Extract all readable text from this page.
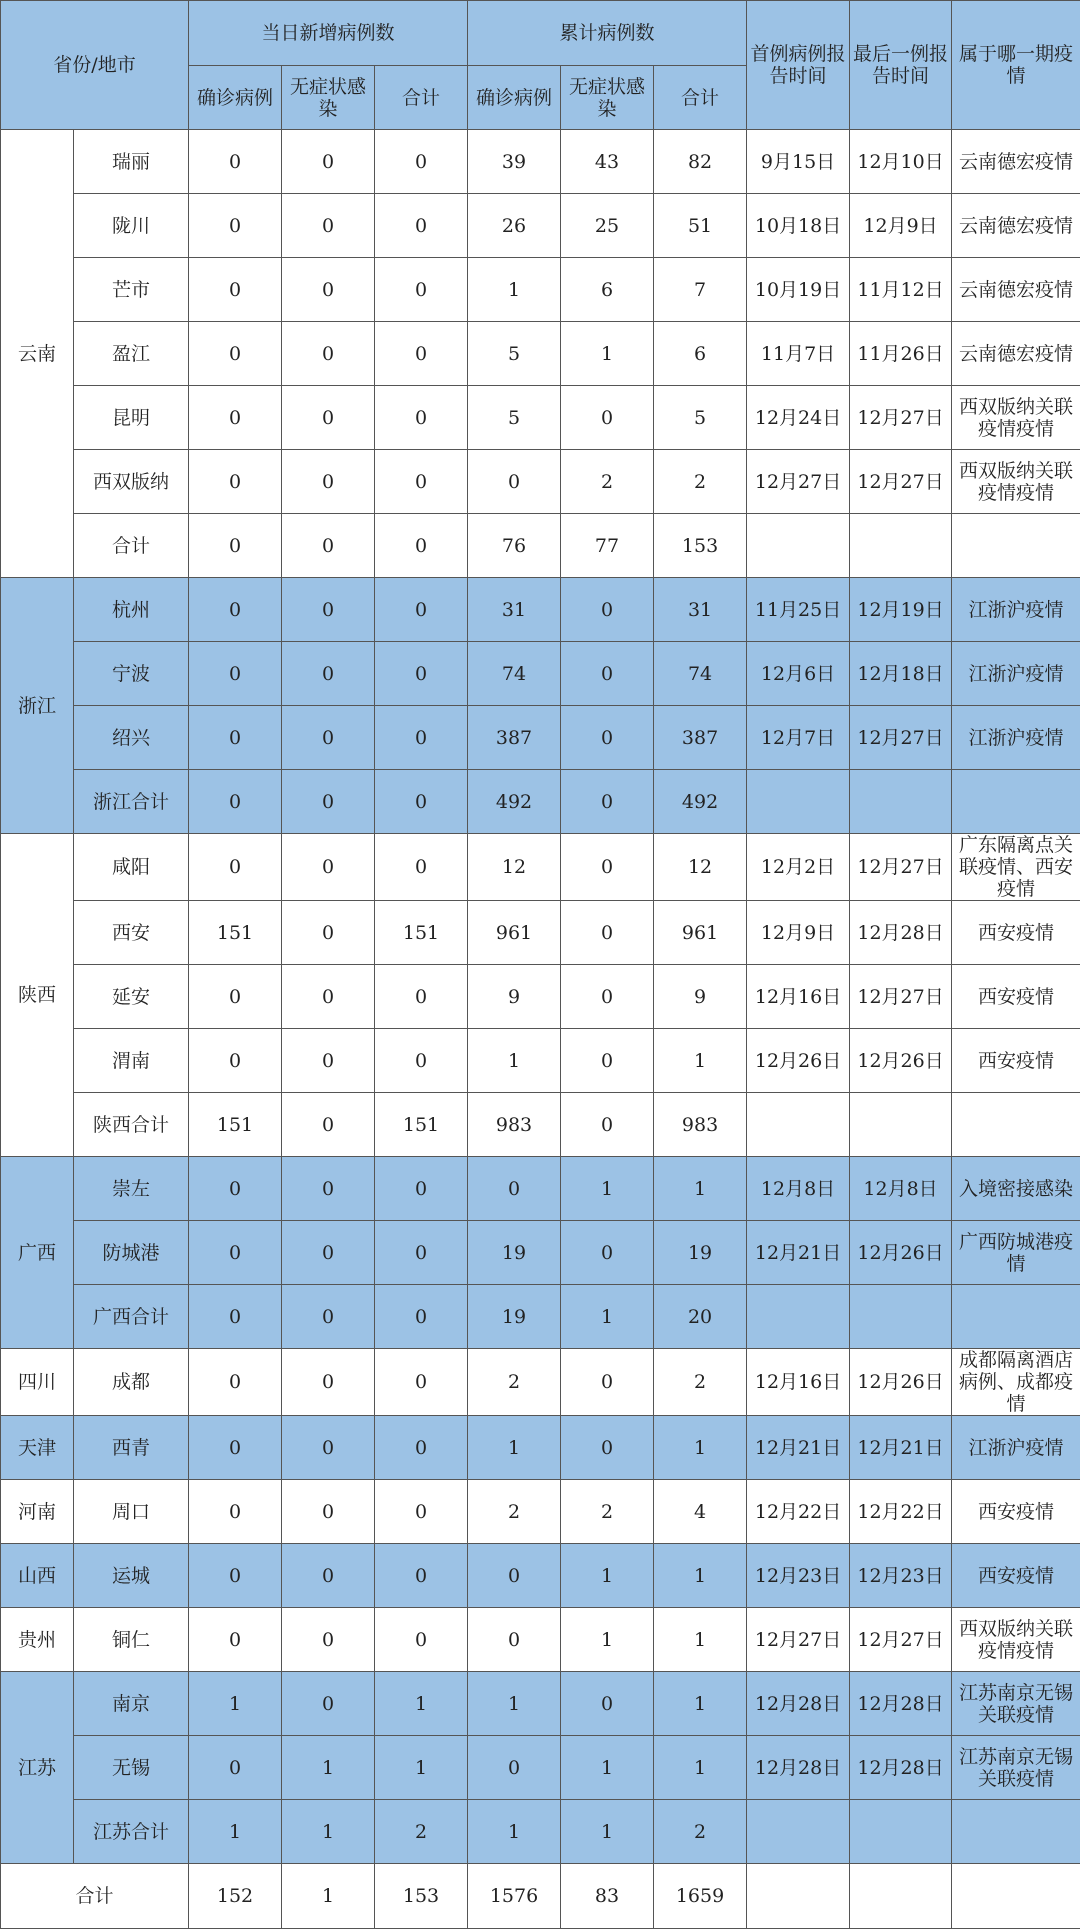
省份/地市		当日新增病例数			累计病例数			首例病例报告时间	最后一例报告时间	属于哪一期疫情
		确诊病例	无症状感染	合计	确诊病例	无症状感染	合计			
云南	瑞丽	0	0	0	39	43	82	9月15日	12月10日	云南德宏疫情

	陇川	0	0	0	26	25	51	10月18日	12月9日	云南德宏疫情

	芒市	0	0	0	1	6	7	10月19日	11月12日	云南德宏疫情

	盈江	0	0	0	5	1	6	11月7日	11月26日	云南德宏疫情

	昆明	0	0	0	5	0	5	12月24日	12月27日	西双版纳关联疫情疫情

	西双版纳	0	0	0	0	2	2	12月27日	12月27日	西双版纳关联疫情疫情

	合计	0	0	0	76	77	153			

浙江	杭州	0	0	0	31	0	31	11月25日	12月19日	江浙沪疫情

	宁波	0	0	0	74	0	74	12月6日	12月18日	江浙沪疫情

	绍兴	0	0	0	387	0	387	12月7日	12月27日	江浙沪疫情

	浙江合计	0	0	0	492	0	492			

陕西	咸阳	0	0	0	12	0	12	12月2日	12月27日	广东隔离点关联疫情、西安疫情

	西安	151	0	151	961	0	961	12月9日	12月28日	西安疫情

	延安	0	0	0	9	0	9	12月16日	12月27日	西安疫情

	渭南	0	0	0	1	0	1	12月26日	12月26日	西安疫情

	陕西合计	151	0	151	983	0	983			

广西	崇左	0	0	0	0	1	1	12月8日	12月8日	入境密接感染

	防城港	0	0	0	19	0	19	12月21日	12月26日	广西防城港疫情

	广西合计	0	0	0	19	1	20			

四川	成都	0	0	0	2	0	2	12月16日	12月26日	成都隔离酒店病例、成都疫情

天津	西青	0	0	0	1	0	1	12月21日	12月21日	江浙沪疫情

河南	周口	0	0	0	2	2	4	12月22日	12月22日	西安疫情

山西	运城	0	0	0	0	1	1	12月23日	12月23日	西安疫情

贵州	铜仁	0	0	0	0	1	1	12月27日	12月27日	西双版纳关联疫情疫情

江苏	南京	1	0	1	1	0	1	12月28日	12月28日	江苏南京无锡关联疫情

	无锡	0	1	1	0	1	1	12月28日	12月28日	江苏南京无锡关联疫情

	江苏合计	1	1	2	1	1	2			

合计		152	1	153	1576	83	1659			
